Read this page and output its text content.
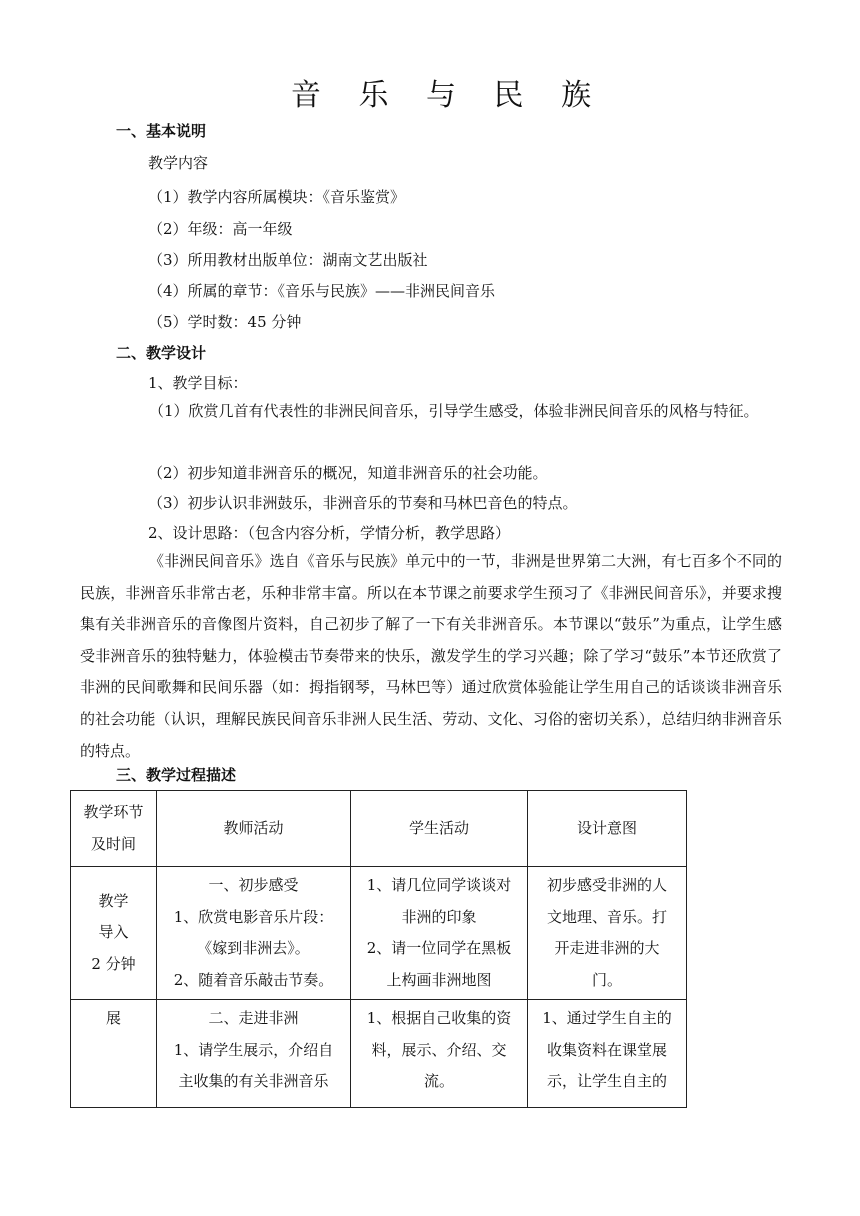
音 乐 与 民 族
一、基本说明
教学内容
（1）教学内容所属模块：《音乐鉴赏》
（2）年级：高一年级
（3）所用教材出版单位：湖南文艺出版社
（4）所属的章节：《音乐与民族》——非洲民间音乐
（5）学时数：45 分钟
二、教学设计
1、教学目标：

（1）欣赏几首有代表性的非洲民间音乐，引导学生感受，体验非洲民间音乐的风格与特征。

（2）初步知道非洲音乐的概况，知道非洲音乐的社会功能。
（3）初步认识非洲鼓乐，非洲音乐的节奏和马林巴音色的特点。
2、设计思路：（包含内容分析，学情分析，教学思路）

《非洲民间音乐》选自《音乐与民族》单元中的一节，非洲是世界第二大洲，有七百多个不同的民族，非洲音乐非常古老，乐种非常丰富。所以在本节课之前要求学生预习了《非洲民间音乐》，并要求搜集有关非洲音乐的音像图片资料，自己初步了解了一下有关非洲音乐。本节课以“鼓乐”为重点，让学生感受非洲音乐的独特魅力，体验模击节奏带来的快乐，激发学生的学习兴趣；除了学习“鼓乐”本节还欣赏了非洲的民间歌舞和民间乐器（如：拇指钢琴，马林巴等）通过欣赏体验能让学生用自己的话谈谈非洲音乐的社会功能（认识，理解民族民间音乐非洲人民生活、劳动、文化、习俗的密切关系），总结归纳非洲音乐的特点。

三、教学过程描述
教学环节
及时间	教师活动	学生活动	设计意图

教学
导入
2 分钟	一、初步感受
1、欣赏电影音乐片段：
《嫁到非洲去》。
2、随着音乐敲击节奏。	1、请几位同学谈谈对
非洲的印象
2、请一位同学在黑板
上构画非洲地图	初步感受非洲的人
文地理、音乐。打
开走进非洲的大
门。

展	二、走进非洲
1、请学生展示，介绍自
主收集的有关非洲音乐	1、根据自己收集的资
料，展示、介绍、交
流。	1、通过学生自主的
收集资料在课堂展
示，让学生自主的
